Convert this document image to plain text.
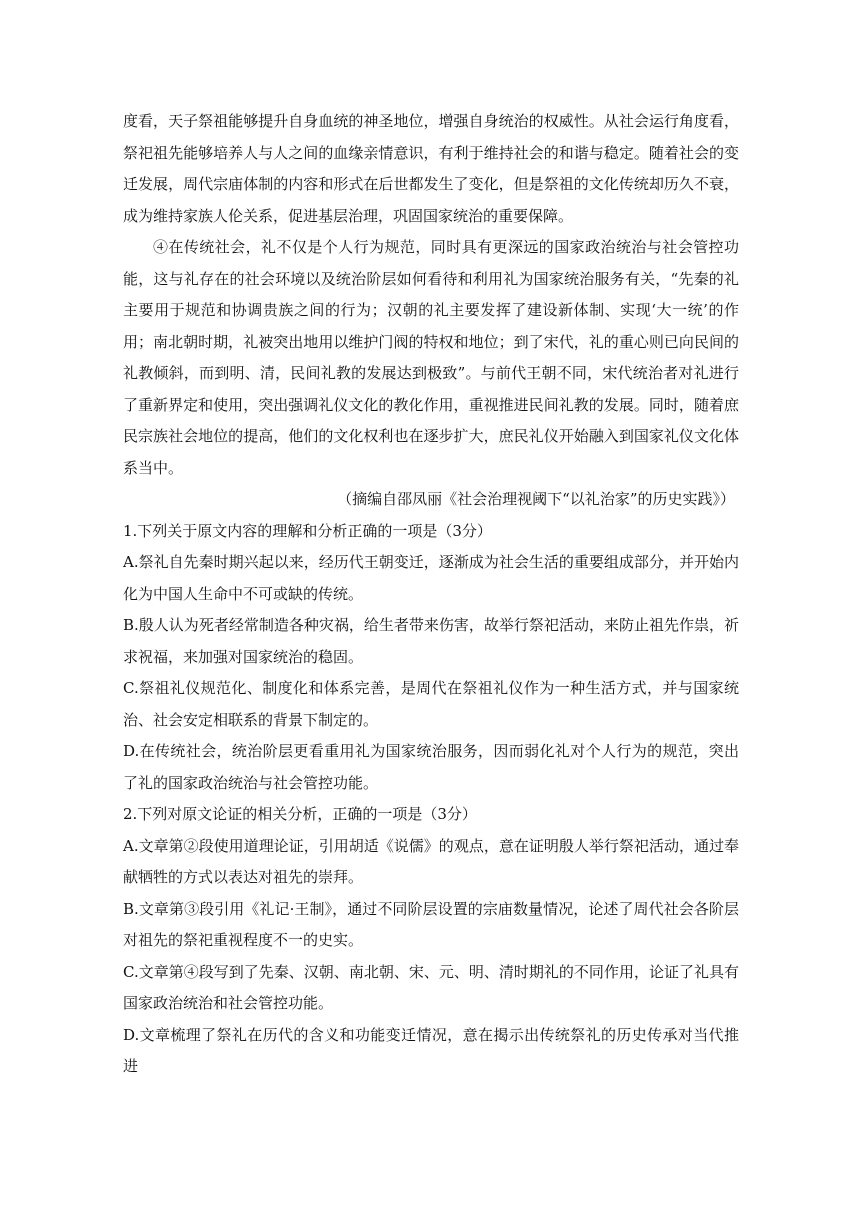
度看，天子祭祖能够提升自身血统的神圣地位，增强自身统治的权威性。从社会运行角度看，祭祀祖先能够培养人与人之间的血缘亲情意识，有利于维持社会的和谐与稳定。随着社会的变迁发展，周代宗庙体制的内容和形式在后世都发生了变化，但是祭祖的文化传统却历久不衰，成为维持家族人伦关系，促进基层治理，巩固国家统治的重要保障。

④在传统社会，礼不仅是个人行为规范，同时具有更深远的国家政治统治与社会管控功能，这与礼存在的社会环境以及统治阶层如何看待和利用礼为国家统治服务有关，“先秦的礼主要用于规范和协调贵族之间的行为；汉朝的礼主要发挥了建设新体制、实现‘大一统’的作用；南北朝时期，礼被突出地用以维护门阀的特权和地位；到了宋代，礼的重心则已向民间的礼教倾斜，而到明、清，民间礼教的发展达到极致”。与前代王朝不同，宋代统治者对礼进行了重新界定和使用，突出强调礼仪文化的教化作用，重视推进民间礼教的发展。同时，随着庶民宗族社会地位的提高，他们的文化权利也在逐步扩大，庶民礼仪开始融入到国家礼仪文化体系当中。

（摘编自邵凤丽《社会治理视阈下“以礼治家”的历史实践》）

1.下列关于原文内容的理解和分析正确的一项是（3分）

A.祭礼自先秦时期兴起以来，经历代王朝变迁，逐渐成为社会生活的重要组成部分，并开始内化为中国人生命中不可或缺的传统。

B.殷人认为死者经常制造各种灾祸，给生者带来伤害，故举行祭祀活动，来防止祖先作祟，祈求祝福，来加强对国家统治的稳固。

C.祭祖礼仪规范化、制度化和体系完善，是周代在祭祖礼仪作为一种生活方式，并与国家统治、社会安定相联系的背景下制定的。

D.在传统社会，统治阶层更看重用礼为国家统治服务，因而弱化礼对个人行为的规范，突出了礼的国家政治统治与社会管控功能。

2.下列对原文论证的相关分析，正确的一项是（3分）

A.文章第②段使用道理论证，引用胡适《说儒》的观点，意在证明殷人举行祭祀活动，通过奉献牺牲的方式以表达对祖先的崇拜。

B.文章第③段引用《礼记·王制》，通过不同阶层设置的宗庙数量情况，论述了周代社会各阶层对祖先的祭祀重视程度不一的史实。

C.文章第④段写到了先秦、汉朝、南北朝、宋、元、明、清时期礼的不同作用，论证了礼具有国家政治统治和社会管控功能。

D.文章梳理了祭礼在历代的含义和功能变迁情况，意在揭示出传统祭礼的历史传承对当代推进
